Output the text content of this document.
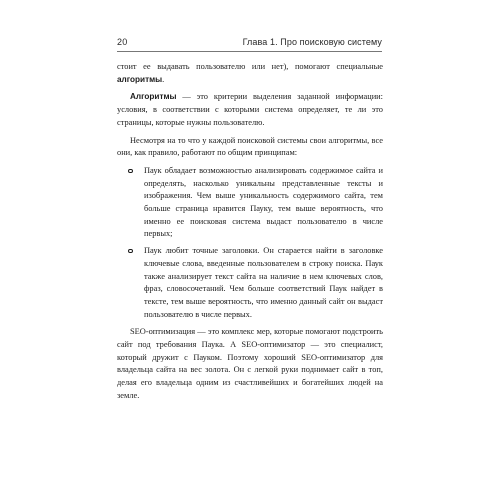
20	Глава 1. Про поисковую систему

стоит ее выдавать пользователю или нет), помогают специальные алгоритмы.

Алгоритмы — это критерии выделения заданной информации: условия, в соответствии с которыми система определяет, те ли это страницы, которые нужны пользователю.

Несмотря на то что у каждой поисковой системы свои алгоритмы, все они, как правило, работают по общим принципам:

Паук обладает возможностью анализировать содержимое сайта и определять, насколько уникальны представленные тексты и изображения. Чем выше уникальность содержимого сайта, тем больше страница нравится Пауку, тем выше вероятность, что именно ее поисковая система выдаст пользователю в числе первых;
Паук любит точные заголовки. Он старается найти в заголовке ключевые слова, введенные пользователем в строку поиска. Паук также анализирует текст сайта на наличие в нем ключевых слов, фраз, словосочетаний. Чем больше соответствий Паук найдет в тексте, тем выше вероятность, что именно данный сайт он выдаст пользователю в числе первых.

SEO-оптимизация — это комплекс мер, которые помогают подстроить сайт под требования Паука. А SEO-оптимизатор — это специалист, который дружит с Пауком. Поэтому хороший SEO-оптимизатор для владельца сайта на вес золота. Он с легкой руки поднимает сайт в топ, делая его владельца одним из счастливейших и богатейших людей на земле.
